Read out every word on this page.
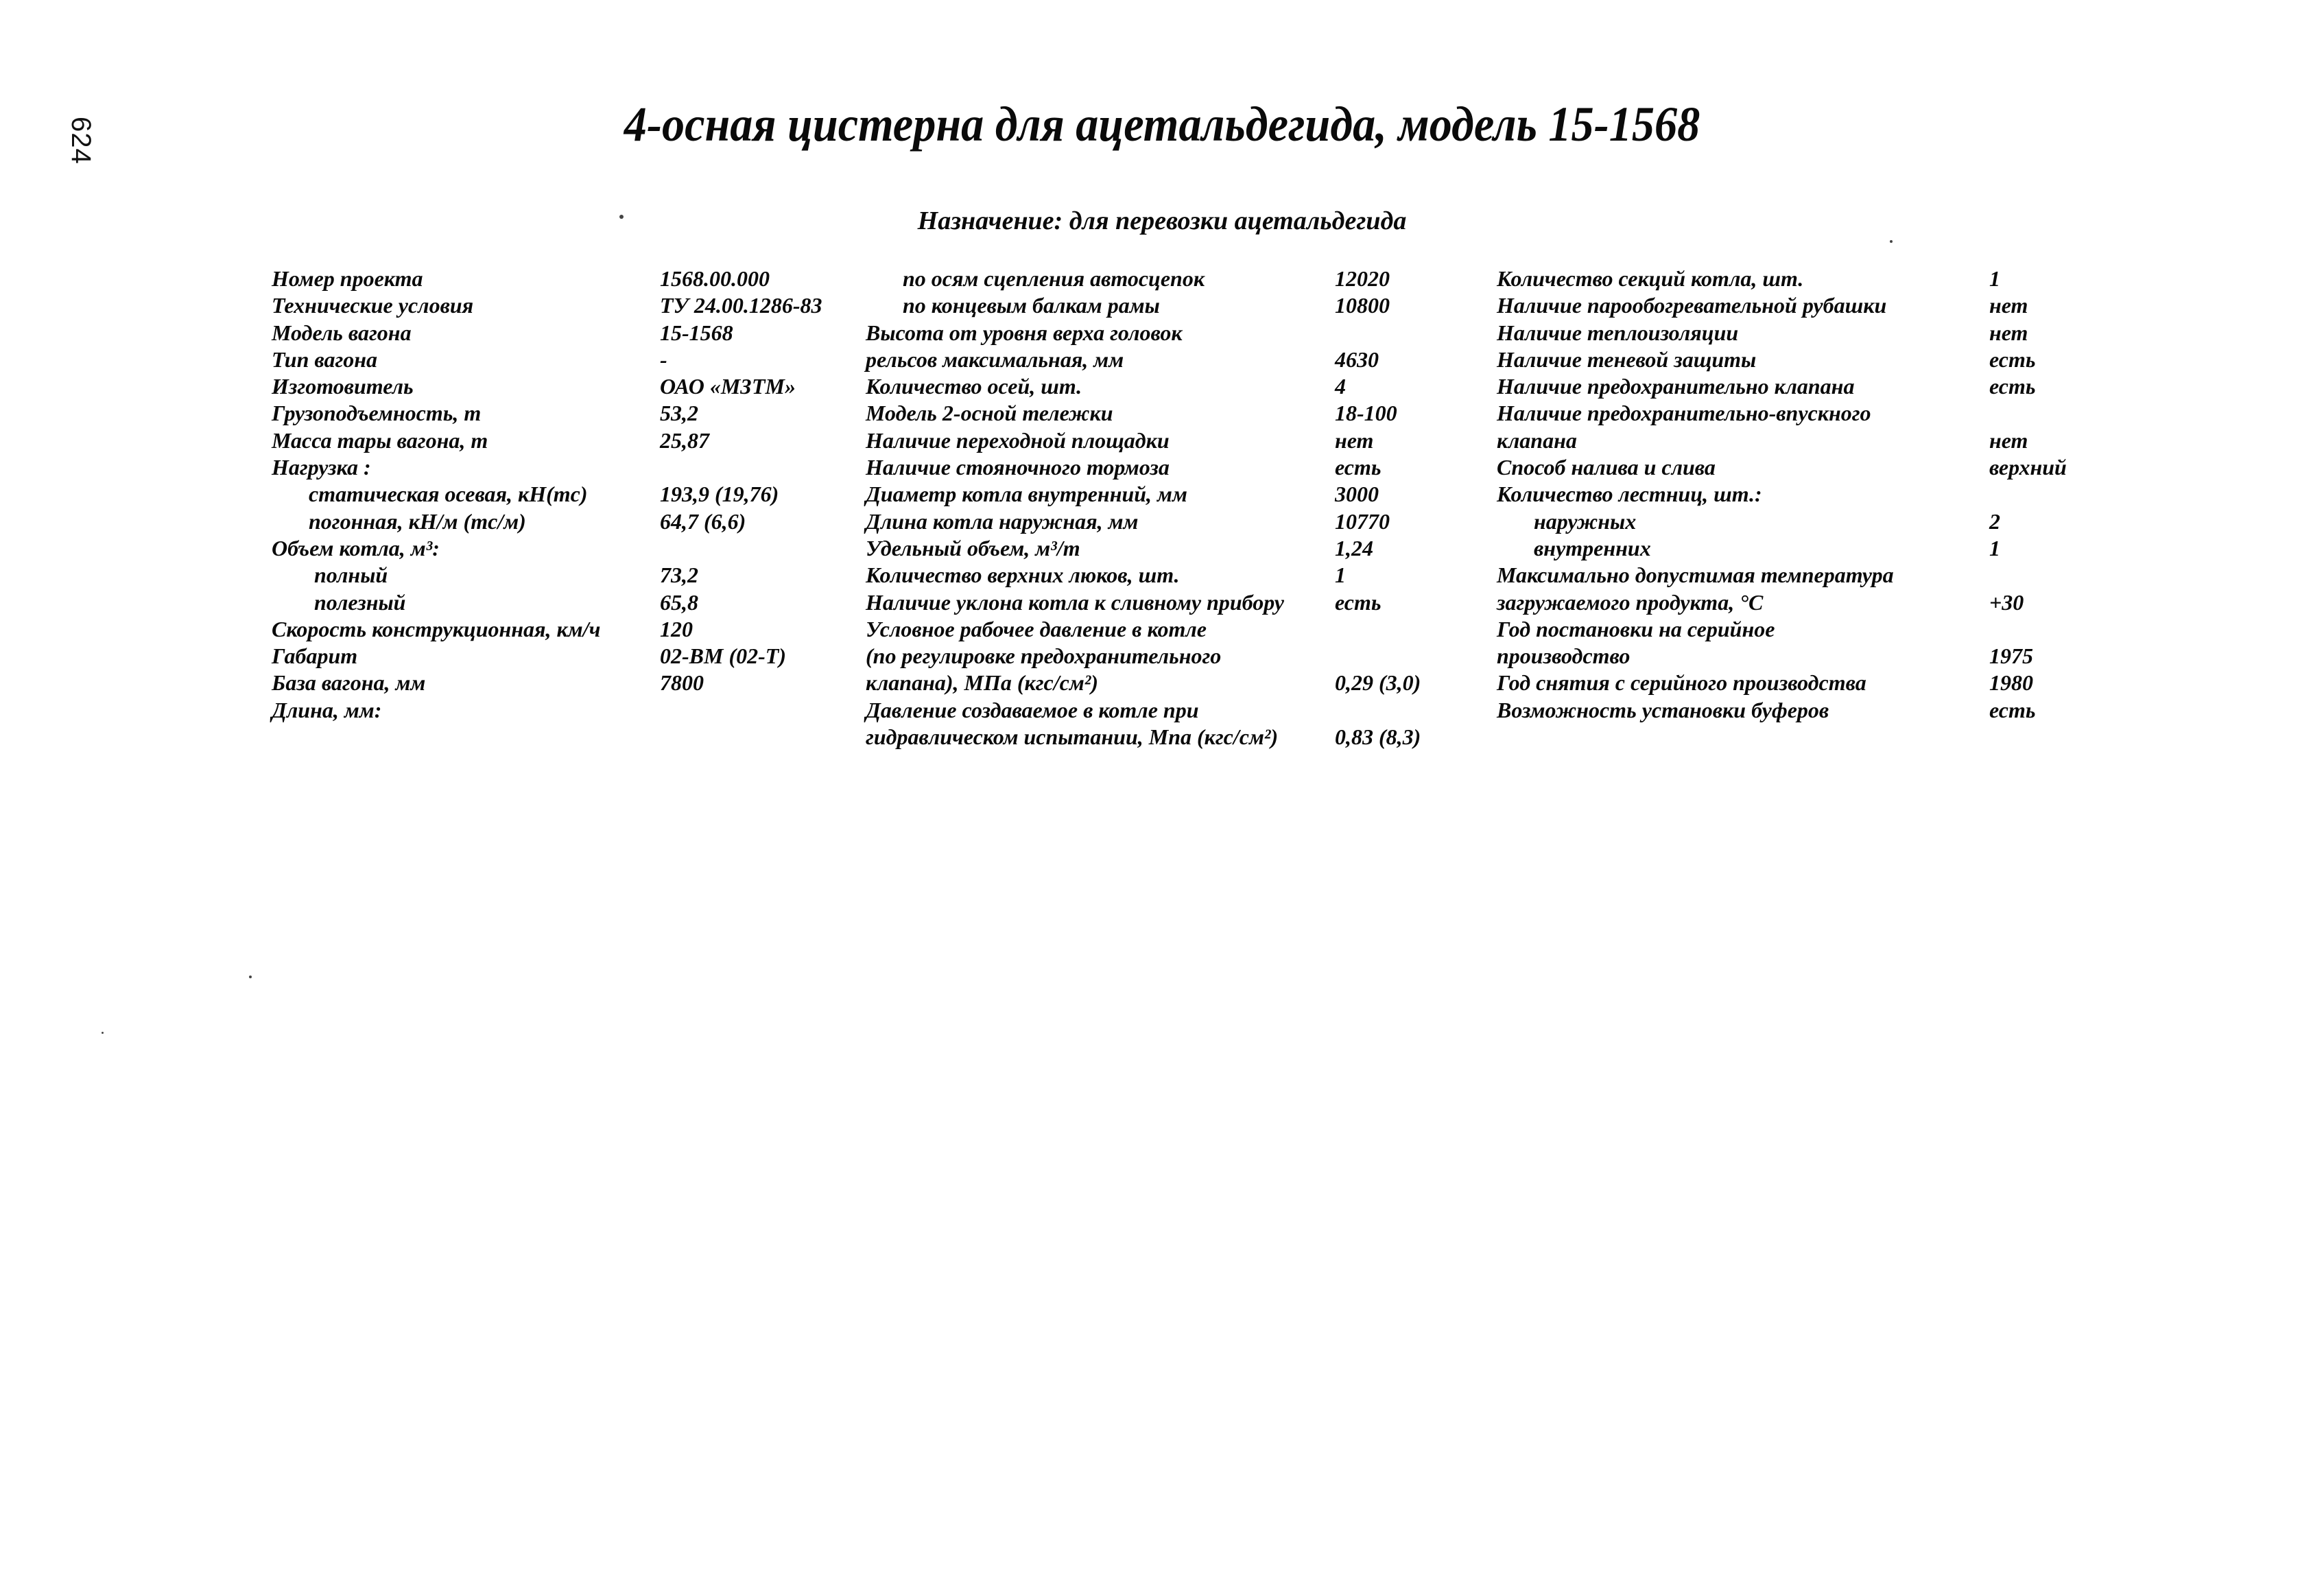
624	4-осная цистерна для ацетальдегида, модель 15-1568
Назначение: для перевозки ацетальдегида
Номер проекта	1568.00.000
Технические условия	ТУ 24.00.1286-83
Модель вагона	15-1568
Тип вагона	-
Изготовитель	ОАО «МЗТМ»
Грузоподъемность, т	53,2
Масса тары вагона, т	25,87
Нагрузка :
статическая осевая, кН(тс)	193,9 (19,76)
погонная, кН/м (тс/м)	64,7 (6,6)
Объем котла, м³:
полный	73,2
полезный	65,8
Скорость конструкционная, км/ч	120
Габарит	02-ВМ (02-Т)
База вагона, мм	7800
Длина, мм:
по осям сцепления автосцепок	12020
по концевым балкам рамы	10800
Высота от уровня верха головок
рельсов максимальная, мм	4630
Количество осей, шт.	4
Модель 2-осной тележки	18-100
Наличие переходной площадки	нет
Наличие стояночного тормоза	есть
Диаметр котла внутренний, мм	3000
Длина котла наружная, мм	10770
Удельный объем, м³/т	1,24
Количество верхних люков, шт.	1
Наличие уклона котла к сливному прибору есть
Условное рабочее давление в котле
(по регулировке предохранительного
клапана), МПа (кгс/см²)	0,29 (3,0)
Давление создаваемое в котле при
гидравлическом испытании, Мпа (кгс/см²)	0,83 (8,3)
Количество секций котла, шт.	1
Наличие парообогревательной рубашки	нет
Наличие теплоизоляции	нет
Наличие теневой защиты	есть
Наличие предохранительно клапана	есть
Наличие предохранительно-впускного
клапана	нет
Способ налива и слива	верхний
Количество лестниц, шт.:
наружных	2
внутренних	1
Максимально допустимая температура
загружаемого продукта, °С	+30
Год постановки на серийное
производство	1975
Год снятия с серийного производства	1980
Возможность установки буферов	есть
